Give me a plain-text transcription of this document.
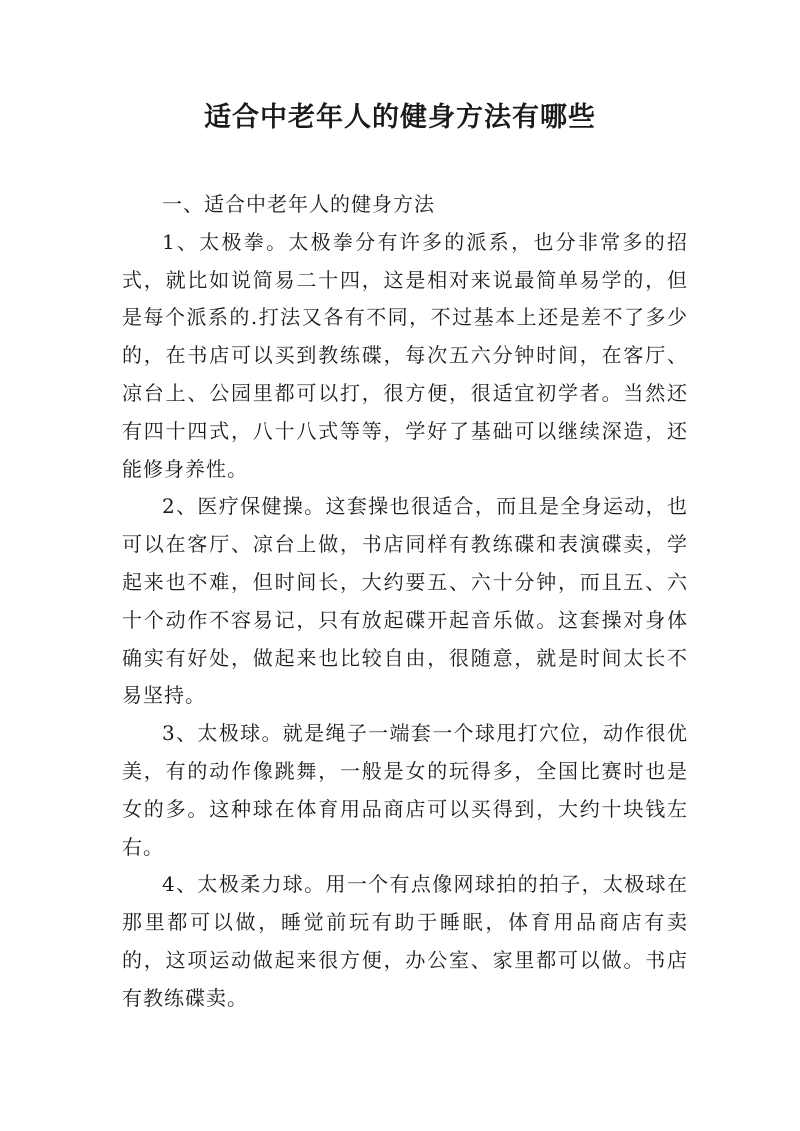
适合中老年人的健身方法有哪些

一、适合中老年人的健身方法

1、太极拳。太极拳分有许多的派系，也分非常多的招式，就比如说简易二十四，这是相对来说最简单易学的，但是每个派系的.打法又各有不同，不过基本上还是差不了多少的，在书店可以买到教练碟，每次五六分钟时间，在客厅、凉台上、公园里都可以打，很方便，很适宜初学者。当然还有四十四式，八十八式等等，学好了基础可以继续深造，还能修身养性。

2、医疗保健操。这套操也很适合，而且是全身运动，也可以在客厅、凉台上做，书店同样有教练碟和表演碟卖，学起来也不难，但时间长，大约要五、六十分钟，而且五、六十个动作不容易记，只有放起碟开起音乐做。这套操对身体确实有好处，做起来也比较自由，很随意，就是时间太长不易坚持。

3、太极球。就是绳子一端套一个球甩打穴位，动作很优美，有的动作像跳舞，一般是女的玩得多，全国比赛时也是女的多。这种球在体育用品商店可以买得到，大约十块钱左右。

4、太极柔力球。用一个有点像网球拍的拍子，太极球在那里都可以做，睡觉前玩有助于睡眠，体育用品商店有卖的，这项运动做起来很方便，办公室、家里都可以做。书店有教练碟卖。
